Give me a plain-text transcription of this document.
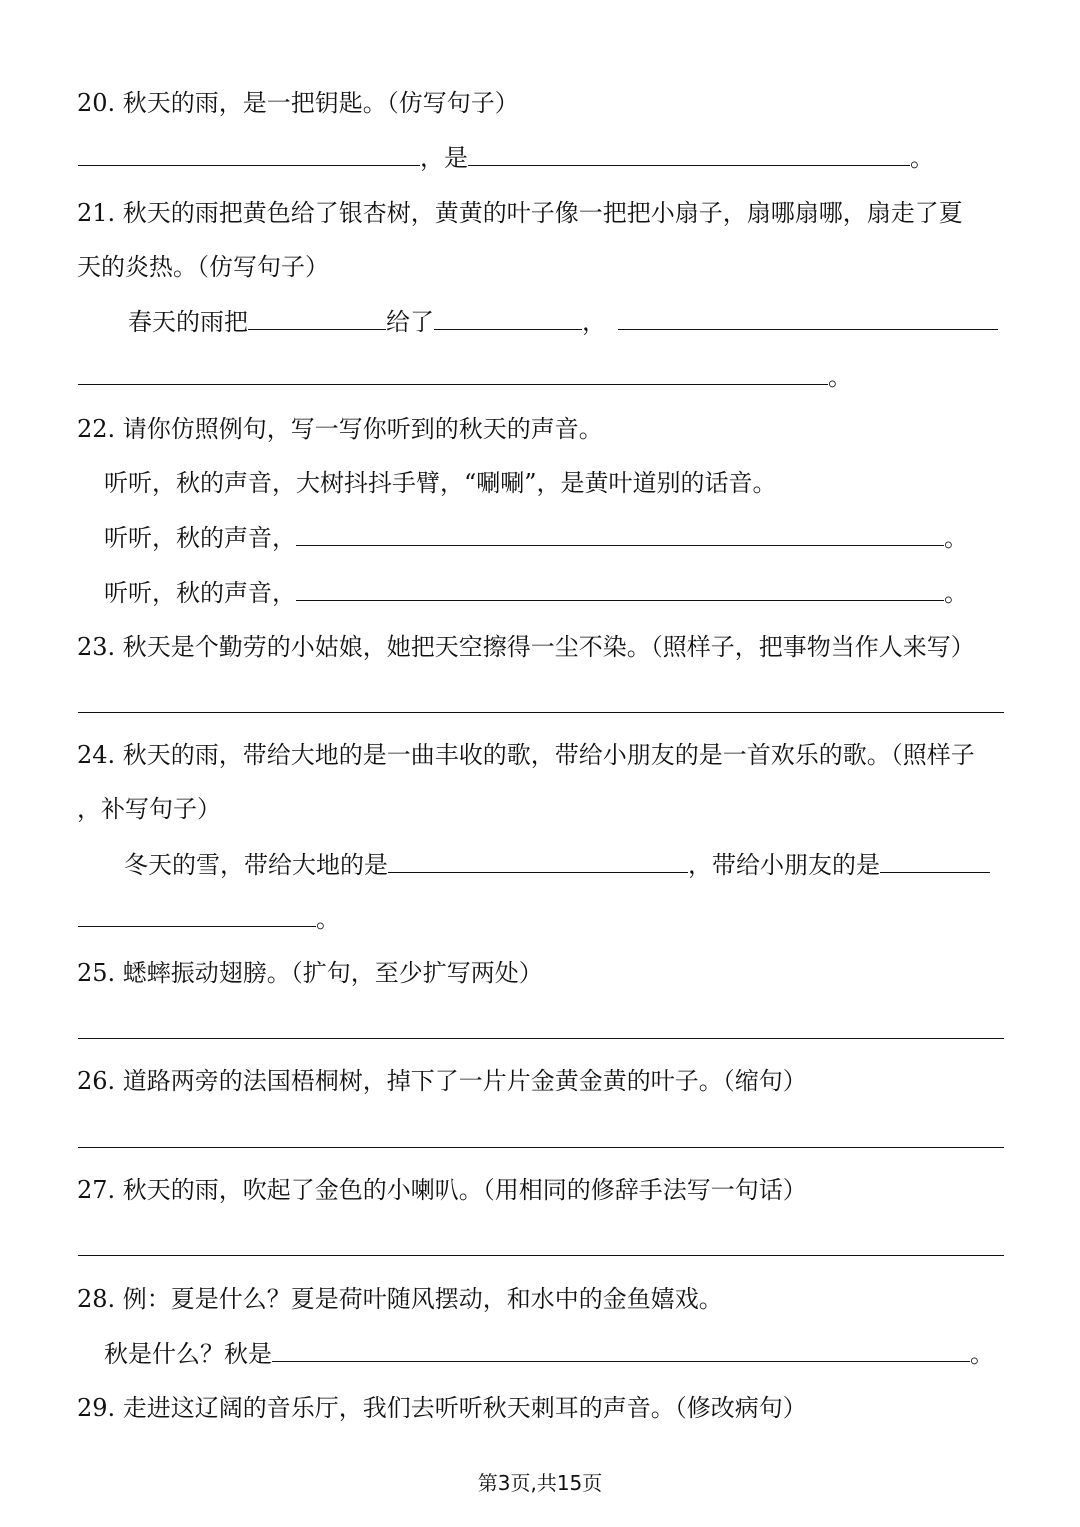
20. 秋天的雨，是一把钥匙。（仿写句子）
，是	。
21. 秋天的雨把黄色给了银杏树，黄黄的叶子像一把把小扇子，扇哪扇哪，扇走了夏
天的炎热。（仿写句子）
春天的雨把	给了	，
。
22. 请你仿照例句，写一写你听到的秋天的声音。
听听，秋的声音，大树抖抖手臂，“唰唰”，是黄叶道别的话音。
听听，秋的声音，	。
听听，秋的声音，	。
23. 秋天是个勤劳的小姑娘，她把天空擦得一尘不染。（照样子，把事物当作人来写）
24. 秋天的雨，带给大地的是一曲丰收的歌，带给小朋友的是一首欢乐的歌。（照样子
，补写句子）
冬天的雪，带给大地的是	，带给小朋友的是
。
25. 蟋蟀振动翅膀。（扩句，至少扩写两处）
26. 道路两旁的法国梧桐树，掉下了一片片金黄金黄的叶子。（缩句）
27. 秋天的雨，吹起了金色的小喇叭。（用相同的修辞手法写一句话）
28. 例：夏是什么？夏是荷叶随风摆动，和水中的金鱼嬉戏。
秋是什么？秋是	。
29. 走进这辽阔的音乐厅，我们去听听秋天刺耳的声音。（修改病句）
第3页,共15页
